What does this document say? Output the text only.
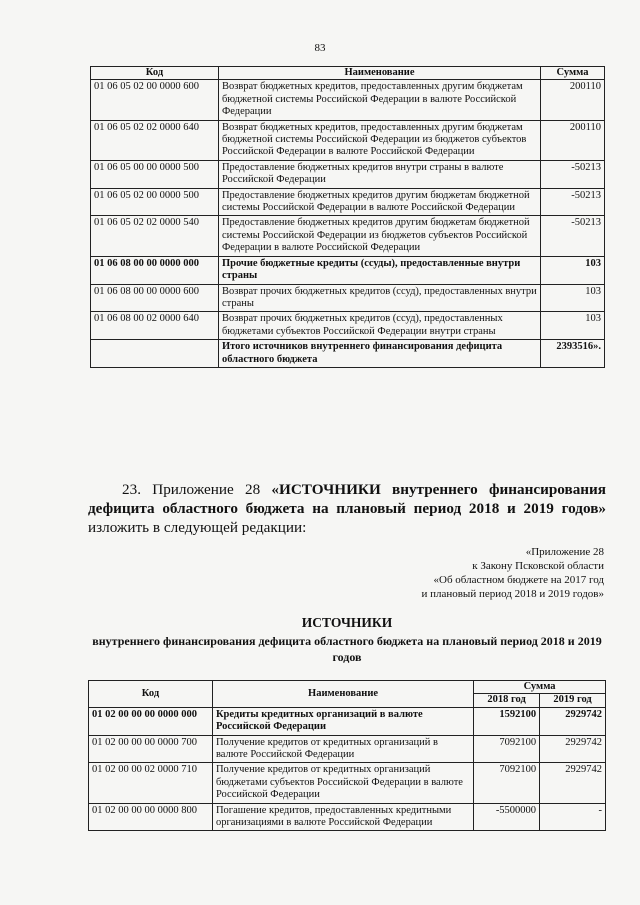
83
Код	Наименование	Сумма
01 06 05 02 00 0000 600	Возврат бюджетных кредитов, предоставленных другим бюджетам бюджетной системы Российской Федерации в валюте Российской Федерации	200110
01 06 05 02 02 0000 640	Возврат бюджетных кредитов, предоставленных другим бюджетам бюджетной системы Российской Федерации из бюджетов субъектов Российской Федерации в валюте Российской Федерации	200110
01 06 05 00 00 0000 500	Предоставление бюджетных кредитов внутри страны в валюте Российской Федерации	-50213
01 06 05 02 00 0000 500	Предоставление бюджетных кредитов другим бюджетам бюджетной системы Российской Федерации в валюте Российской Федерации	-50213
01 06 05 02 02 0000 540	Предоставление бюджетных кредитов другим бюджетам бюджетной системы Российской Федерации из бюджетов субъектов Российской Федерации в валюте Российской Федерации	-50213
01 06 08 00 00 0000 000	Прочие бюджетные кредиты (ссуды), предоставленные внутри страны	103
01 06 08 00 00 0000 600	Возврат прочих бюджетных кредитов (ссуд), предоставленных внутри страны	103
01 06 08 00 02 0000 640	Возврат прочих бюджетных кредитов (ссуд), предоставленных бюджетами субъектов Российской Федерации внутри страны	103
	Итого источников внутреннего финансирования дефицита областного бюджета	2393516».
23. Приложение 28 «ИСТОЧНИКИ внутреннего финансирования дефицита областного бюджета на плановый период 2018 и 2019 годов» изложить в следующей редакции:
«Приложение 28
к Закону Псковской области
«Об областном бюджете на 2017 год
и плановый период 2018 и 2019 годов»
ИСТОЧНИКИ
внутреннего финансирования дефицита областного бюджета на плановый период 2018 и 2019 годов
Код	Наименование	Сумма	
		2018 год	2019 год
01 02 00 00 00 0000 000	Кредиты кредитных организаций в валюте Российской Федерации	1592100	2929742
01 02 00 00 00 0000 700	Получение кредитов от кредитных организаций в валюте Российской Федерации	7092100	2929742
01 02 00 00 02 0000 710	Получение кредитов от кредитных организаций бюджетами субъектов Российской Федерации в валюте Российской Федерации	7092100	2929742
01 02 00 00 00 0000 800	Погашение кредитов, предоставленных кредитными организациями в валюте Российской Федерации	-5500000	-
